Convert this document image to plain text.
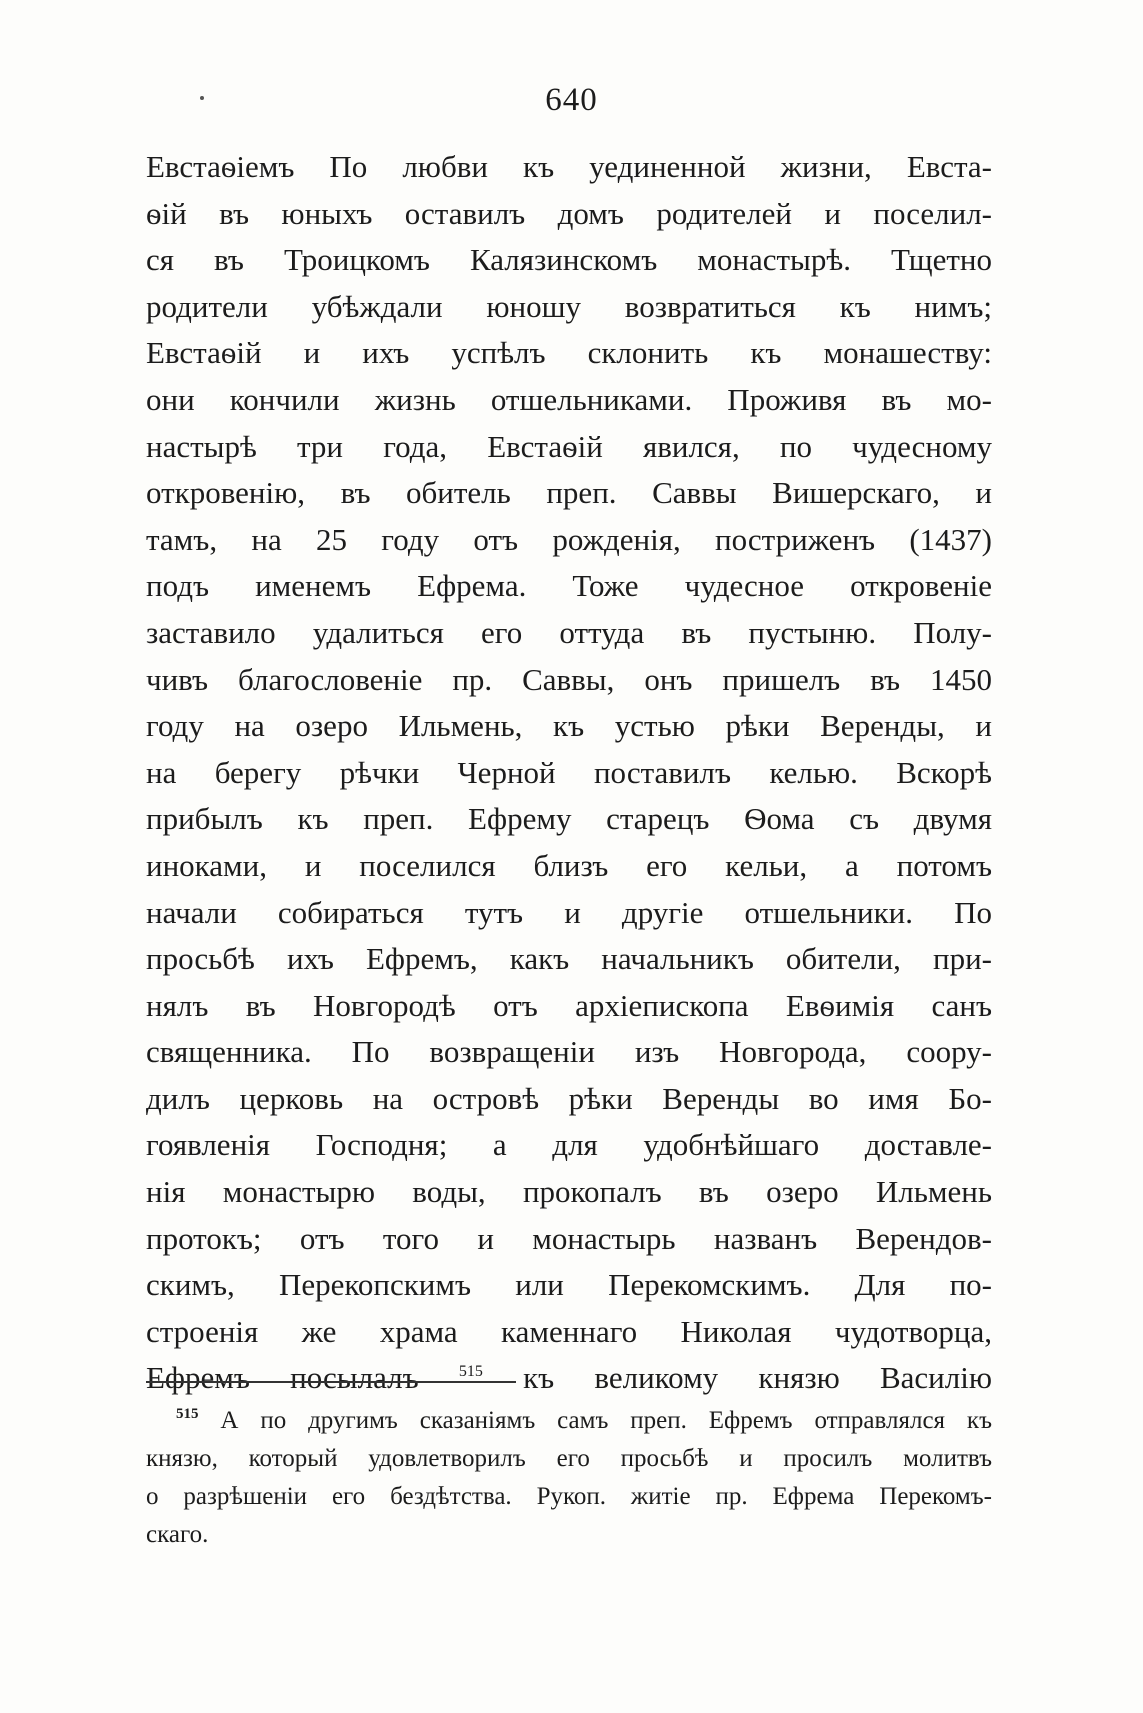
640
Евстаѳіемъ По любви къ уединенной жизни, Евста-
ѳій въ юныхъ оставилъ домъ родителей и поселил-
ся въ Троицкомъ Калязинскомъ монастырѣ. Тщетно
родители убѣждали юношу возвратиться къ нимъ;
Евстаѳій и ихъ успѣлъ склонить къ монашеству:
они кончили жизнь отшельниками. Проживя въ мо-
настырѣ три года, Евстаѳій явился, по чудесному
откровенію, въ обитель преп. Саввы Вишерскаго, и
тамъ, на 25 году отъ рожденія, постриженъ (1437)
подъ именемъ Ефрема. Тоже чудесное откровеніе
заставило удалиться его оттуда въ пустыню. Полу-
чивъ благословеніе пр. Саввы, онъ пришелъ въ 1450
году на озеро Ильмень, къ устью рѣки Веренды, и
на берегу рѣчки Черной поставилъ келью. Вскорѣ
прибылъ къ преп. Ефрему старецъ Ѳома съ двумя
иноками, и поселился близъ его кельи, а потомъ
начали собираться тутъ и другіе отшельники. По
просьбѣ ихъ Ефремъ, какъ начальникъ обители, при-
нялъ въ Новгородѣ отъ архіепископа Евѳимія санъ
священника. По возвращеніи изъ Новгорода, соору-
дилъ церковь на островѣ рѣки Веренды во имя Бо-
гоявленія Господня; а для удобнѣйшаго доставле-
нія монастырю воды, прокопалъ въ озеро Ильмень
протокъ; отъ того и монастырь названъ Верендов-
скимъ, Перекопскимъ или Перекомскимъ. Для по-
строенія же храма каменнаго Николая чудотворца,
Ефремъ посылалъ	$^{515}$ къ великому князю Василію
$^{515}$ А по другимъ сказаніямъ самъ преп. Ефремъ отправлялся къ
князю, который удовлетворилъ его просьбѣ и просилъ молитвъ
о разрѣшеніи его бездѣтства. Рукоп. житіе пр. Ефрема Перекомъ-
скаго.
